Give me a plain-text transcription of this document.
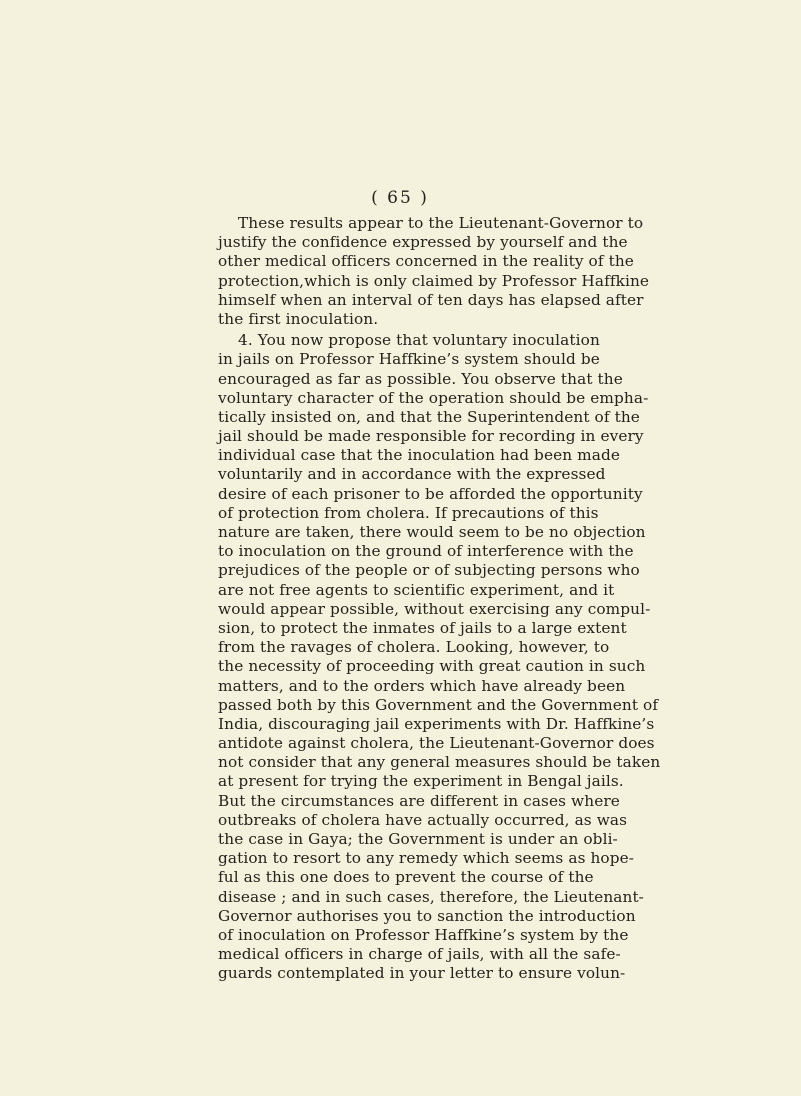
( 65 )
These results appear to the Lieutenant-Governor to
justify the confidence expressed by yourself and the
other medical officers concerned in the reality of the
protection,which is only claimed by Professor Haffkine
himself when an interval of ten days has elapsed after
the first inoculation.
4. You now propose that voluntary inoculation
in jails on Professor Haffkine’s system should be
encouraged as far as possible. You observe that the
voluntary character of the operation should be empha-
tically insisted on, and that the Superintendent of the
jail should be made responsible for recording in every
individual case that the inoculation had been made
voluntarily and in accordance with the expressed
desire of each prisoner to be afforded the opportunity
of protection from cholera. If precautions of this
nature are taken, there would seem to be no objection
to inoculation on the ground of interference with the
prejudices of the people or of subjecting persons who
are not free agents to scientific experiment, and it
would appear possible, without exercising any compul-
sion, to protect the inmates of jails to a large extent
from the ravages of cholera. Looking, however, to
the necessity of proceeding with great caution in such
matters, and to the orders which have already been
passed both by this Government and the Government of
India, discouraging jail experiments with Dr. Haffkine’s
antidote against cholera, the Lieutenant-Governor does
not consider that any general measures should be taken
at present for trying the experiment in Bengal jails.
But the circumstances are different in cases where
outbreaks of cholera have actually occurred, as was
the case in Gaya; the Government is under an obli-
gation to resort to any remedy which seems as hope-
ful as this one does to prevent the course of the
disease ; and in such cases, therefore, the Lieutenant-
Governor authorises you to sanction the introduction
of inoculation on Professor Haffkine’s system by the
medical officers in charge of jails, with all the safe-
guards contemplated in your letter to ensure volun-
